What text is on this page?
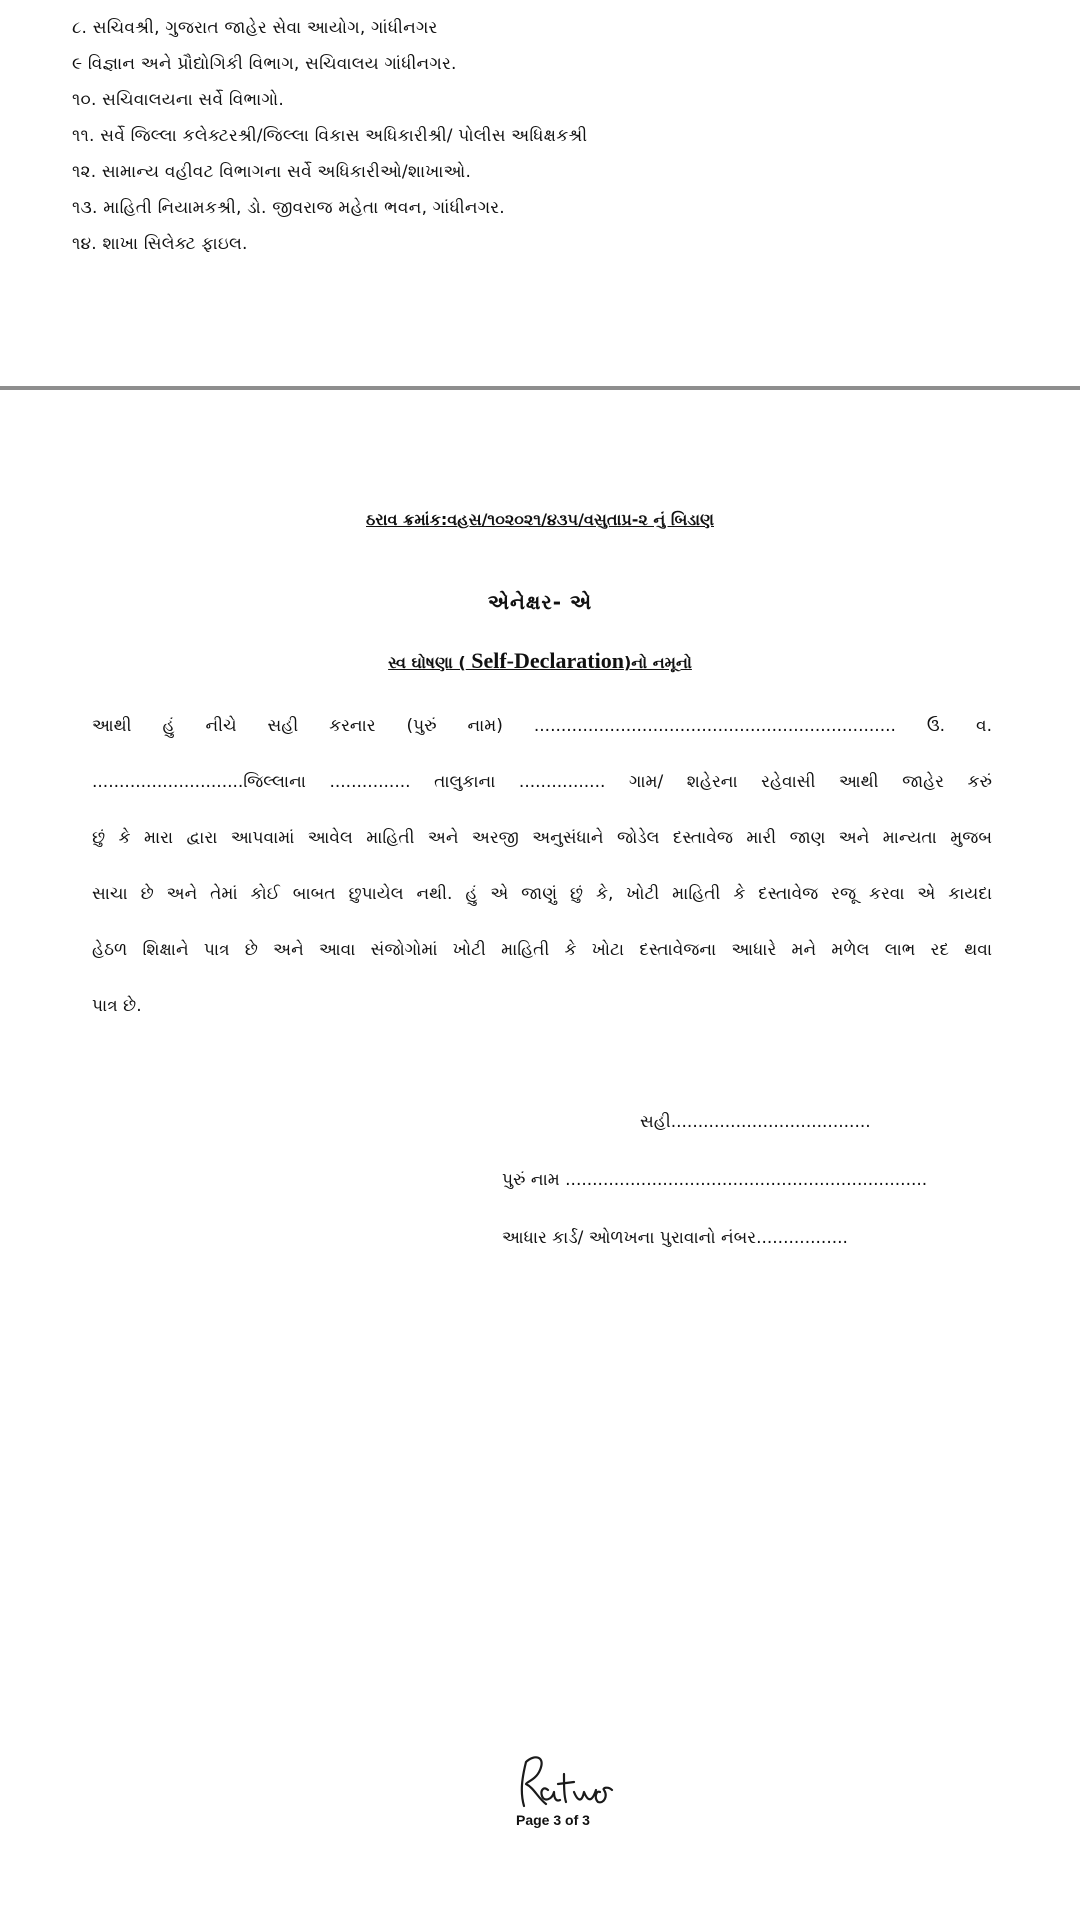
૮. સચિવશ્રી, ગુજરાત જાહેર સેવા આયોગ, ગાંધીનગર
૯ વિજ્ઞાન અને પ્રૌદ્યોગિકી વિભાગ, સચિવાલય ગાંધીનગર.
૧૦. સચિવાલયના સર્વે વિભાગો.
૧૧. સર્વે જિલ્લા કલેક્ટરશ્રી/જિલ્લા વિકાસ અધિકારીશ્રી/ પોલીસ અધિક્ષકશ્રી
૧૨. સામાન્ય વહીવટ વિભાગના સર્વે અધિકારીઓ/શાખાઓ.
૧૩. માહિતી નિયામકશ્રી, ડો. જીવરાજ મહેતા ભવન, ગાંધીનગર.
૧૪. શાખા સિલેક્ટ ફાઇલ.
ઠરાવ ક્રમાંક:વહસ/૧૦૨૦૨૧/૪૩૫/વસુતાપ્ર-૨ નું બિડાણ
એનેક્ષર- એ
સ્વ ઘોષણા ( Self-Declaration)નો નમૂનો
આથી હું નીચે સહી કરનાર (પુરું નામ) ................................................................... ઉ. વ.
............................જિલ્લાના ............... તાલુકાના ................ ગામ/ શહેરના રહેવાસી આથી જાહેર કરું
છું કે મારા દ્વારા આપવામાં આવેલ માહિતી અને અરજી અનુસંધાને જોડેલ દસ્તાવેજ મારી જાણ અને માન્યતા મુજબ
સાચા છે અને તેમાં કોઈ બાબત છુપાયેલ નથી. હું એ જાણું છું કે, ખોટી માહિતી કે દસ્તાવેજ રજૂ કરવા એ કાયદા
હેઠળ શિક્ષાને પાત્ર છે અને આવા સંજોગોમાં ખોટી માહિતી કે ખોટા દસ્તાવેજના આધારે મને મળેલ લાભ રદ થવા
પાત્ર છે.
સહી.....................................
પુરું નામ ...................................................................
આધાર કાર્ડ/ ઓળખના પુરાવાનો નંબર.................
Page 3 of 3
